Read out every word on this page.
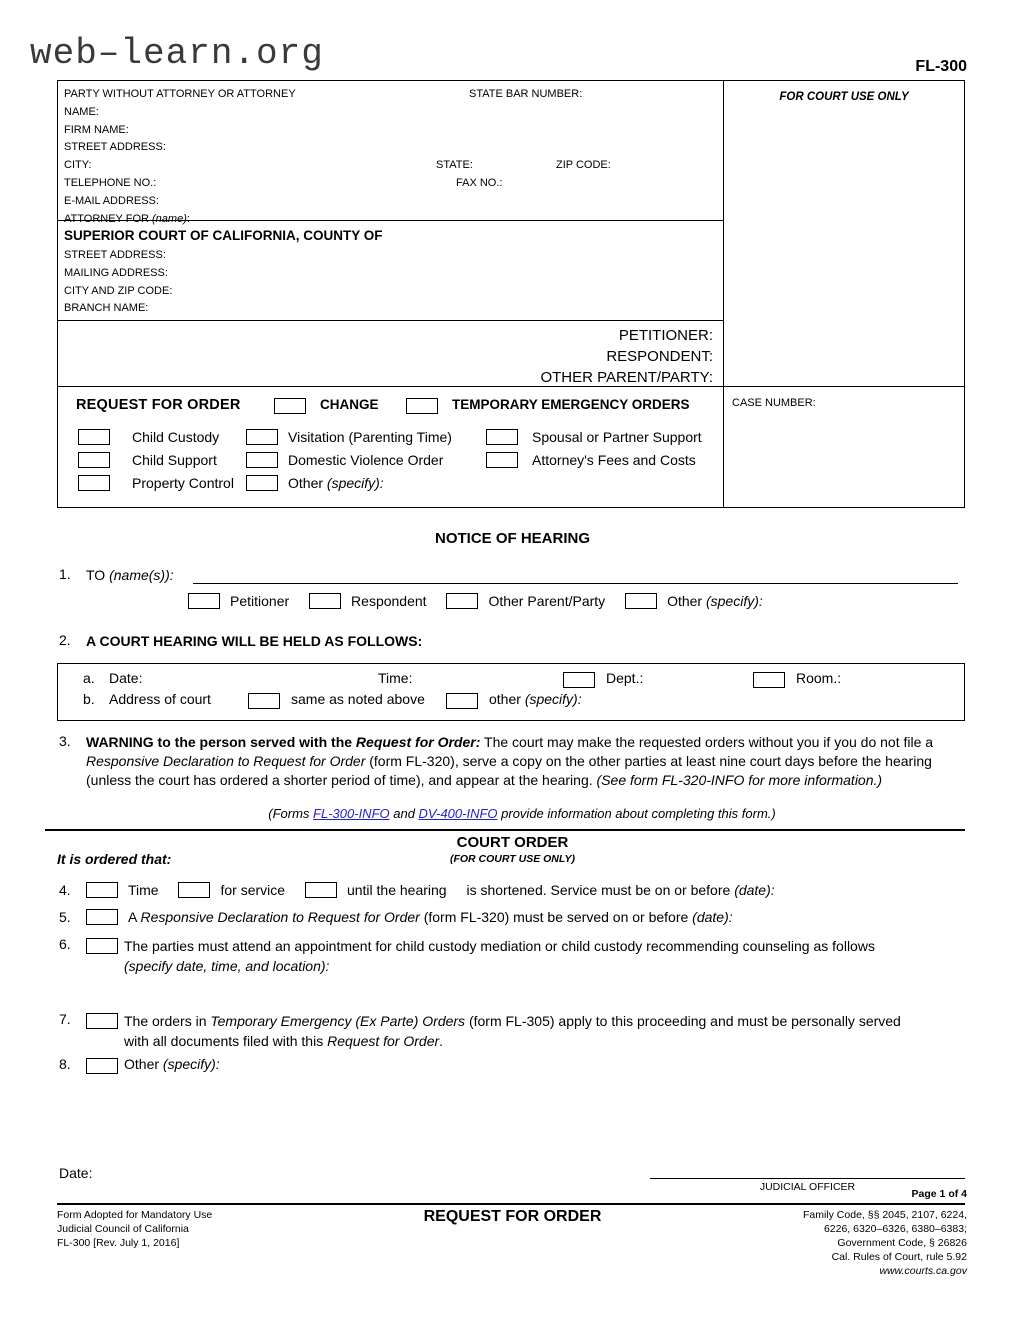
web–learn.org	FL-300
PARTY WITHOUT ATTORNEY OR ATTORNEY	STATE BAR NUMBER:
NAME:
FIRM NAME:
STREET ADDRESS:
CITY:	STATE:	ZIP CODE:
TELEPHONE NO.:	FAX NO.:
E-MAIL ADDRESS:
ATTORNEY FOR (name):
SUPERIOR COURT OF CALIFORNIA, COUNTY OF
STREET ADDRESS:
MAILING ADDRESS:
CITY AND ZIP CODE:
BRANCH NAME:
PETITIONER:
RESPONDENT:
OTHER PARENT/PARTY:
REQUEST FOR ORDER	CHANGE	TEMPORARY EMERGENCY ORDERS
Child Custody	Visitation (Parenting Time)	Spousal or Partner Support
Child Support	Domestic Violence Order	Attorney's Fees and Costs
Property Control	Other (specify):
FOR COURT USE ONLY
CASE NUMBER:
NOTICE OF HEARING
1. TO (name(s)):
Petitioner	Respondent	Other Parent/Party	Other (specify):
2. A COURT HEARING WILL BE HELD AS FOLLOWS:
a. Date:	Time:	Dept.:	Room.:
b. Address of court	same as noted above	other (specify):
3. WARNING to the person served with the Request for Order: The court may make the requested orders without you if you do not file a Responsive Declaration to Request for Order (form FL-320), serve a copy on the other parties at least nine court days before the hearing (unless the court has ordered a shorter period of time), and appear at the hearing. (See form FL-320-INFO for more information.)
(Forms FL-300-INFO and DV-400-INFO provide information about completing this form.)
COURT ORDER
(FOR COURT USE ONLY)
It is ordered that:
4.	Time	for service	until the hearing is shortened. Service must be on or before (date):
5.	A Responsive Declaration to Request for Order (form FL-320) must be served on or before (date):
6.	The parties must attend an appointment for child custody mediation or child custody recommending counseling as follows
(specify date, time, and location):
7.	The orders in Temporary Emergency (Ex Parte) Orders (form FL-305) apply to this proceeding and must be personally served with all documents filed with this Request for Order.
8.	Other (specify):
Date:
JUDICIAL OFFICER
Page 1 of 4
Form Adopted for Mandatory Use
Judicial Council of California
FL-300 [Rev. July 1, 2016]
REQUEST FOR ORDER	Family Code, §§ 2045, 2107, 6224,
6226, 6320–6326, 6380–6383;
Government Code, § 26826
Cal. Rules of Court, rule 5.92
www.courts.ca.gov
